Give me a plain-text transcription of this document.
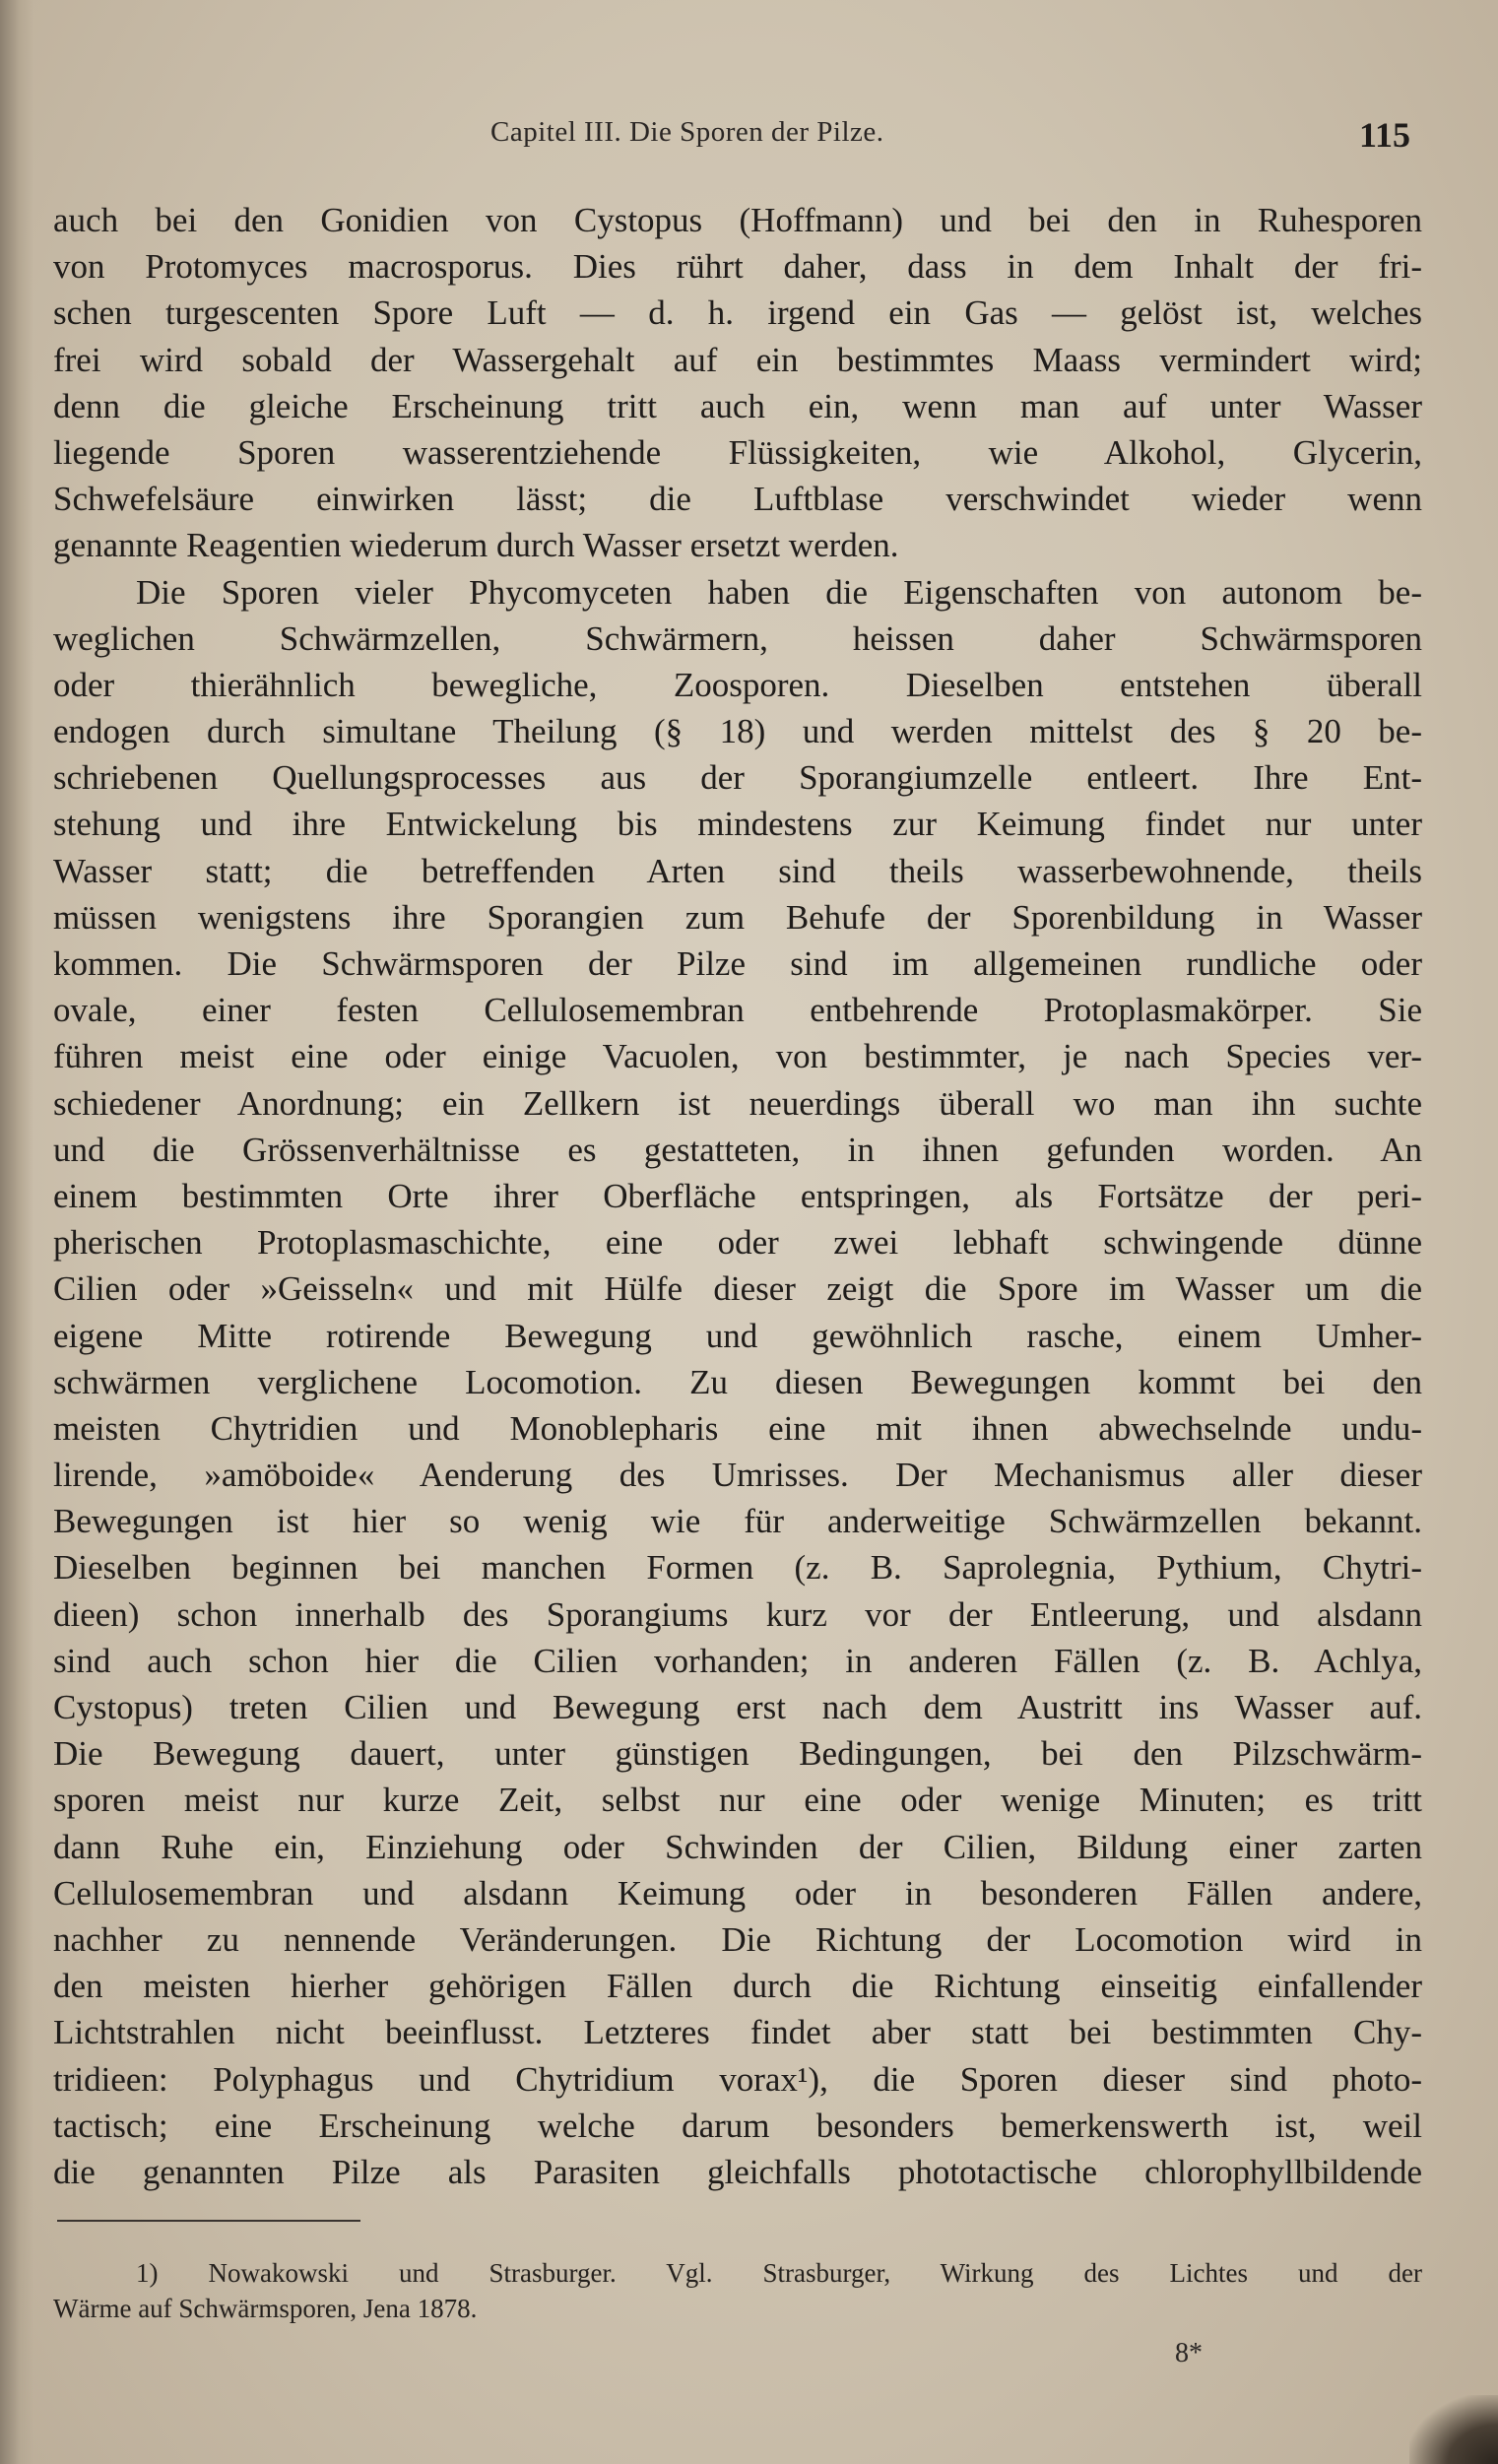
Capitel III. Die Sporen der Pilze.	115
auch bei den Gonidien von Cystopus (Hoffmann) und bei den in Ruhesporen
von Protomyces macrosporus. Dies rührt daher, dass in dem Inhalt der fri-
schen turgescenten Spore Luft — d. h. irgend ein Gas — gelöst ist, welches
frei wird sobald der Wassergehalt auf ein bestimmtes Maass vermindert wird;
denn die gleiche Erscheinung tritt auch ein, wenn man auf unter Wasser
liegende Sporen wasserentziehende Flüssigkeiten, wie Alkohol, Glycerin,
Schwefelsäure einwirken lässt; die Luftblase verschwindet wieder wenn
genannte Reagentien wiederum durch Wasser ersetzt werden.
Die Sporen vieler Phycomyceten haben die Eigenschaften von autonom be-
weglichen Schwärmzellen, Schwärmern, heissen daher Schwärmsporen
oder thierähnlich bewegliche, Zoosporen. Dieselben entstehen überall
endogen durch simultane Theilung (§ 18) und werden mittelst des § 20 be-
schriebenen Quellungsprocesses aus der Sporangiumzelle entleert. Ihre Ent-
stehung und ihre Entwickelung bis mindestens zur Keimung findet nur unter
Wasser statt; die betreffenden Arten sind theils wasserbewohnende, theils
müssen wenigstens ihre Sporangien zum Behufe der Sporenbildung in Wasser
kommen. Die Schwärmsporen der Pilze sind im allgemeinen rundliche oder
ovale, einer festen Cellulosemembran entbehrende Protoplasmakörper. Sie
führen meist eine oder einige Vacuolen, von bestimmter, je nach Species ver-
schiedener Anordnung; ein Zellkern ist neuerdings überall wo man ihn suchte
und die Grössenverhältnisse es gestatteten, in ihnen gefunden worden. An
einem bestimmten Orte ihrer Oberfläche entspringen, als Fortsätze der peri-
pherischen Protoplasmaschichte, eine oder zwei lebhaft schwingende dünne
Cilien oder »Geisseln« und mit Hülfe dieser zeigt die Spore im Wasser um die
eigene Mitte rotirende Bewegung und gewöhnlich rasche, einem Umher-
schwärmen verglichene Locomotion. Zu diesen Bewegungen kommt bei den
meisten Chytridien und Monoblepharis eine mit ihnen abwechselnde undu-
lirende, »amöboide« Aenderung des Umrisses. Der Mechanismus aller dieser
Bewegungen ist hier so wenig wie für anderweitige Schwärmzellen bekannt.
Dieselben beginnen bei manchen Formen (z. B. Saprolegnia, Pythium, Chytri-
dieen) schon innerhalb des Sporangiums kurz vor der Entleerung, und alsdann
sind auch schon hier die Cilien vorhanden; in anderen Fällen (z. B. Achlya,
Cystopus) treten Cilien und Bewegung erst nach dem Austritt ins Wasser auf.
Die Bewegung dauert, unter günstigen Bedingungen, bei den Pilzschwärm-
sporen meist nur kurze Zeit, selbst nur eine oder wenige Minuten; es tritt
dann Ruhe ein, Einziehung oder Schwinden der Cilien, Bildung einer zarten
Cellulosemembran und alsdann Keimung oder in besonderen Fällen andere,
nachher zu nennende Veränderungen. Die Richtung der Locomotion wird in
den meisten hierher gehörigen Fällen durch die Richtung einseitig einfallender
Lichtstrahlen nicht beeinflusst. Letzteres findet aber statt bei bestimmten Chy-
tridieen: Polyphagus und Chytridium vorax¹), die Sporen dieser sind photo-
tactisch; eine Erscheinung welche darum besonders bemerkenswerth ist, weil
die genannten Pilze als Parasiten gleichfalls phototactische chlorophyllbildende
1) Nowakowski und Strasburger. Vgl. Strasburger, Wirkung des Lichtes und der
Wärme auf Schwärmsporen, Jena 1878.
8*
